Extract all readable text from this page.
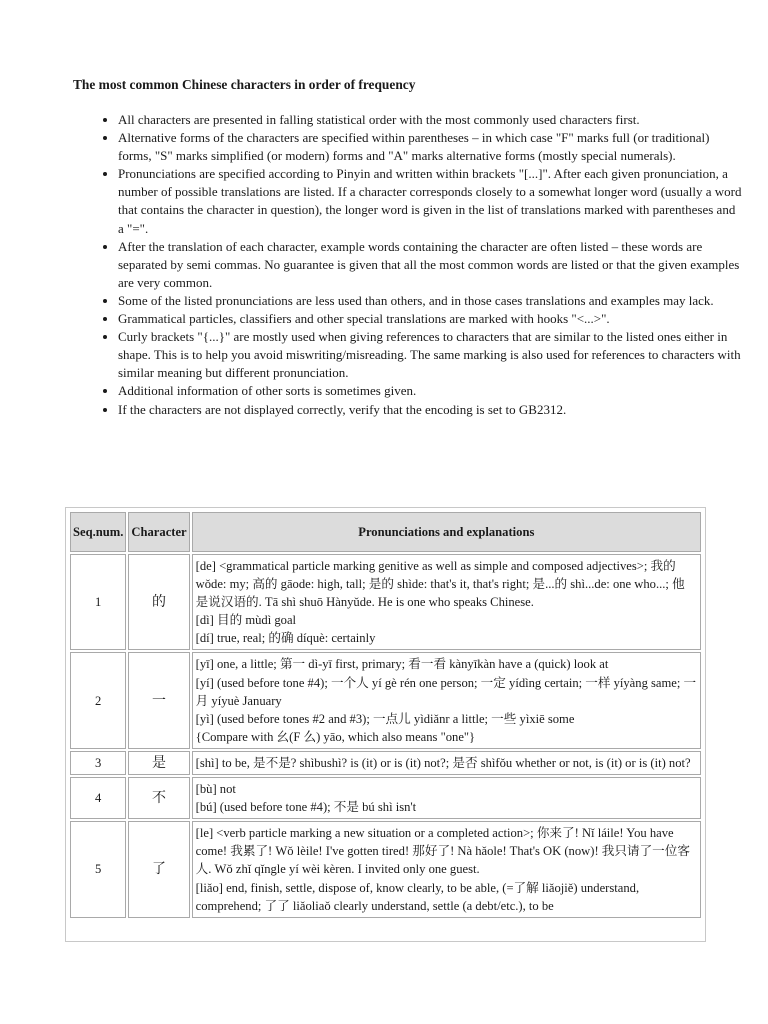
The most common Chinese characters in order of frequency
• All characters are presented in falling statistical order with the most commonly used characters first.
• Alternative forms of the characters are specified within parentheses – in which case "F" marks full (or traditional) forms, "S" marks simplified (or modern) forms and "A" marks alternative forms (mostly special numerals).
• Pronunciations are specified according to Pinyin and written within brackets "[...]". After each given pronunciation, a number of possible translations are listed. If a character corresponds closely to a somewhat longer word (usually a word that contains the character in question), the longer word is given in the list of translations marked with parentheses and a "=".
• After the translation of each character, example words containing the character are often listed – these words are separated by semi commas. No guarantee is given that all the most common words are listed or that the given examples are very common.
• Some of the listed pronunciations are less used than others, and in those cases translations and examples may lack.
• Grammatical particles, classifiers and other special translations are marked with hooks "<...>".
• Curly brackets "{...}" are mostly used when giving references to characters that are similar to the listed ones either in shape. This is to help you avoid miswriting/misreading. The same marking is also used for references to characters with similar meaning but different pronunciation.
• Additional information of other sorts is sometimes given.
• If the characters are not displayed correctly, verify that the encoding is set to GB2312.
Seq.num.	Character	Pronunciations and explanations
1	的	[de] <grammatical particle marking genitive as well as simple and composed adjectives>; 我的 wǒde: my; 高的 gāode: high, tall; 是的 shìde: that's it, that's right; 是...的 shì...de: one who...; 他是说汉语的. Tā shì shuō Hànyǔde. He is one who speaks Chinese.
[dì] 目的 mùdì goal
[dí] true, real; 的确 díquè: certainly

2	一	[yī] one, a little; 第一 dì-yī first, primary; 看一看 kànyīkàn have a (quick) look at
[yí] (used before tone #4); 一个人 yí gè rén one person; 一定 yídìng certain; 一样 yíyàng same; 一月 yíyuè January
[yì] (used before tones #2 and #3); 一点儿 yìdiǎnr a little; 一些 yìxiē some
{Compare with 幺(F 么) yāo, which also means "one"}

3	是	[shì] to be, 是不是? shìbushì? is (it) or is (it) not?; 是否 shìfǒu whether or not, is (it) or is (it) not?

4	不	[bù] not
[bú] (used before tone #4); 不是 bú shì isn't

5	了	[le] <verb particle marking a new situation or a completed action>; 你来了! Nǐ láile! You have come! 我累了! Wǒ lèile! I've gotten tired! 那好了! Nà hǎole! That's OK (now)! 我只请了一位客人. Wǒ zhǐ qǐngle yí wèi kèren. I invited only one guest.
[liǎo] end, finish, settle, dispose of, know clearly, to be able, (=了解 liǎojiě) understand, comprehend; 了了 liǎoliaǒ clearly understand, settle (a debt/etc.), to be
